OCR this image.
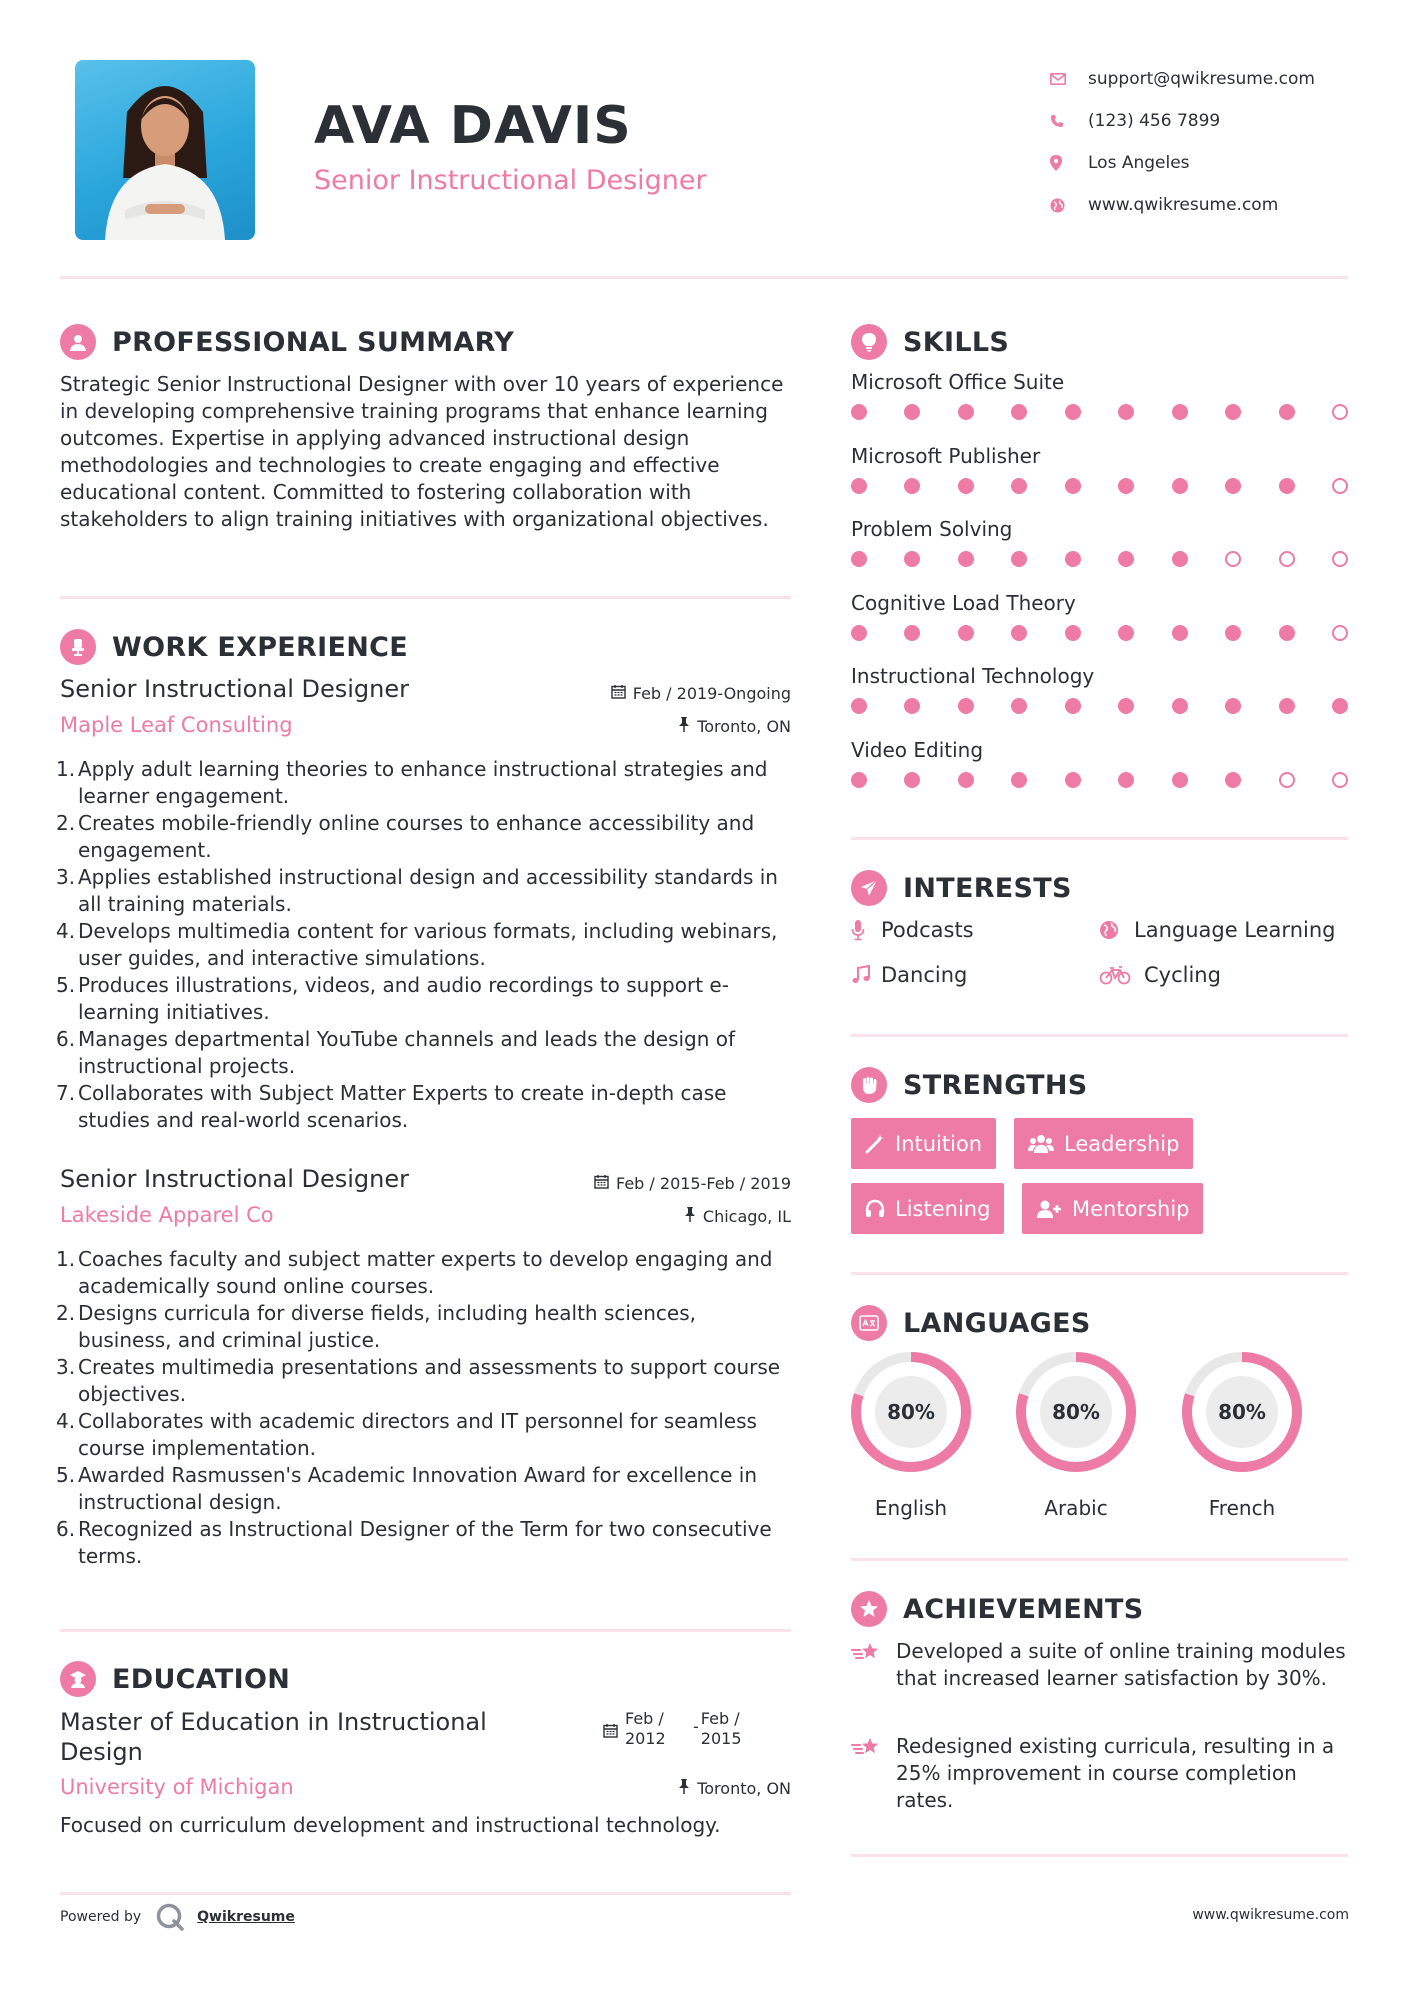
AVA DAVIS
Senior Instructional Designer
support@qwikresume.com
(123) 456 7899
Los Angeles
www.qwikresume.com
PROFESSIONAL SUMMARY

Strategic Senior Instructional Designer with over 10 years of experience in developing comprehensive training programs that enhance learning outcomes. Expertise in applying advanced instructional design methodologies and technologies to create engaging and effective educational content. Committed to fostering collaboration with stakeholders to align training initiatives with organizational objectives.

WORK EXPERIENCE
Senior Instructional Designer	Feb / 2019-Ongoing
Maple Leaf Consulting	Toronto, ON
Apply adult learning theories to enhance instructional strategies and learner engagement.
Creates mobile-friendly online courses to enhance accessibility and engagement.
Applies established instructional design and accessibility standards in all training materials.
Develops multimedia content for various formats, including webinars, user guides, and interactive simulations.
Produces illustrations, videos, and audio recordings to support e-learning initiatives.
Manages departmental YouTube channels and leads the design of instructional projects.
Collaborates with Subject Matter Experts to create in-depth case studies and real-world scenarios.
Senior Instructional Designer	Feb / 2015-Feb / 2019
Lakeside Apparel Co	Chicago, IL
Coaches faculty and subject matter experts to develop engaging and academically sound online courses.
Designs curricula for diverse fields, including health sciences, business, and criminal justice.
Creates multimedia presentations and assessments to support course objectives.
Collaborates with academic directors and IT personnel for seamless course implementation.
Awarded Rasmussen's Academic Innovation Award for excellence in instructional design.
Recognized as Instructional Designer of the Term for two consecutive terms.
EDUCATION
Master of Education in Instructional Design
Feb / 2012
- Feb / 2015
University of Michigan	Toronto, ON

Focused on curriculum development and instructional technology.

SKILLS
Microsoft Office Suite
Microsoft Publisher
Problem Solving
Cognitive Load Theory
Instructional Technology
Video Editing
INTERESTS
Podcasts	Language Learning
Dancing	Cycling
STRENGTHS
Intuition	Leadership
Listening	Mentorship
LANGUAGES
80%
English
80%
Arabic
80%
French
ACHIEVEMENTS

Developed a suite of online training modules that increased learner satisfaction by 30%.

Redesigned existing curricula, resulting in a 25% improvement in course completion rates.

Powered by	Qwikresume	www.qwikresume.com
